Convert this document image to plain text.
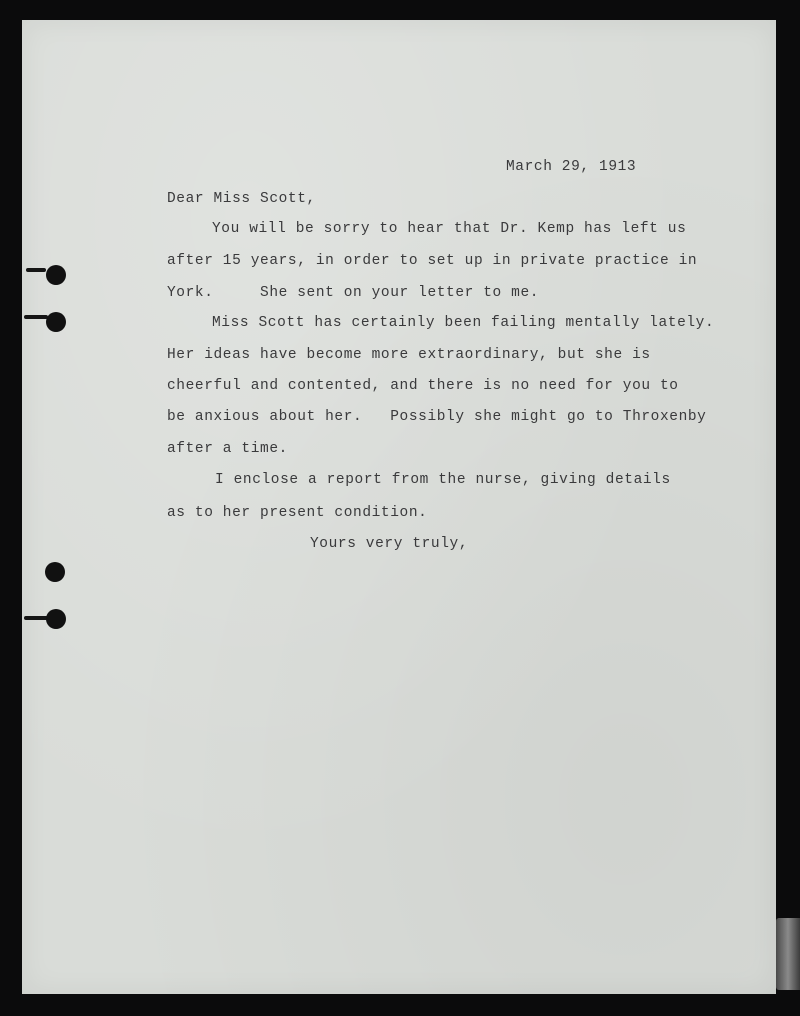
March 29, 1913
Dear Miss Scott,
You will be sorry to hear that Dr. Kemp has left us
after 15 years, in order to set up in private practice in
York.     She sent on your letter to me.
Miss Scott has certainly been failing mentally lately.
Her ideas have become more extraordinary, but she is
cheerful and contented, and there is no need for you to
be anxious about her.   Possibly she might go to Throxenby
after a time.
I enclose a report from the nurse, giving details
as to her present condition.
Yours very truly,
